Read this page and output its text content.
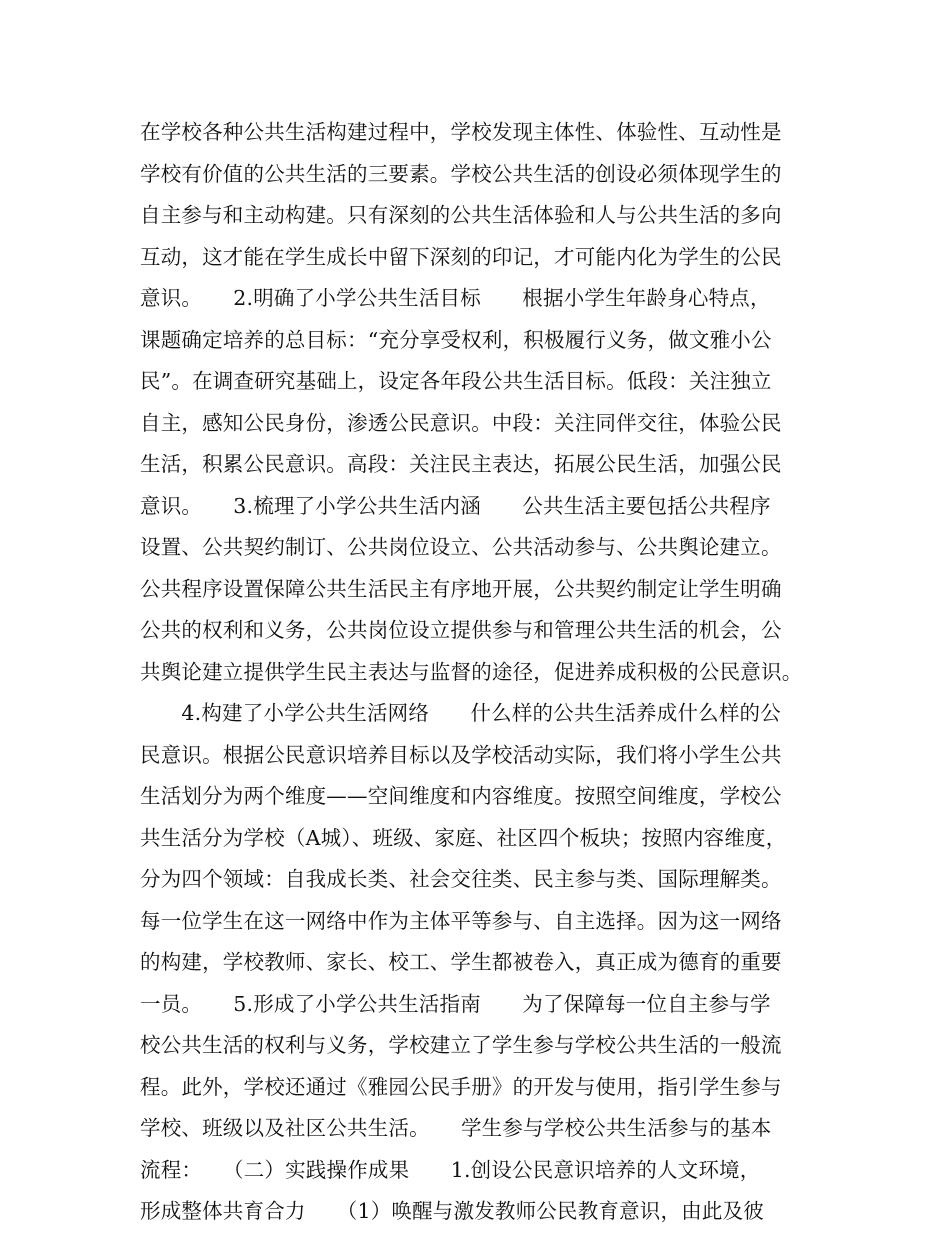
在学校各种公共生活构建过程中，学校发现主体性、体验性、互动性是
学校有价值的公共生活的三要素。学校公共生活的创设必须体现学生的
自主参与和主动构建。只有深刻的公共生活体验和人与公共生活的多向
互动，这才能在学生成长中留下深刻的印记，才可能内化为学生的公民
意识。　　2.明确了小学公共生活目标　　根据小学生年龄身心特点，
课题确定培养的总目标：“充分享受权利，积极履行义务，做文雅小公
民”。在调查研究基础上，设定各年段公共生活目标。低段：关注独立
自主，感知公民身份，渗透公民意识。中段：关注同伴交往，体验公民
生活，积累公民意识。高段：关注民主表达，拓展公民生活，加强公民
意识。　　3.梳理了小学公共生活内涵　　公共生活主要包括公共程序
设置、公共契约制订、公共岗位设立、公共活动参与、公共舆论建立。
公共程序设置保障公共生活民主有序地开展，公共契约制定让学生明确
公共的权利和义务，公共岗位设立提供参与和管理公共生活的机会，公
共舆论建立提供学生民主表达与监督的途径，促进养成积极的公民意识。
　　4.构建了小学公共生活网络　　什么样的公共生活养成什么样的公
民意识。根据公民意识培养目标以及学校活动实际，我们将小学生公共
生活划分为两个维度——空间维度和内容维度。按照空间维度，学校公
共生活分为学校（A城）、班级、家庭、社区四个板块；按照内容维度，
分为四个领域：自我成长类、社会交往类、民主参与类、国际理解类。
每一位学生在这一网络中作为主体平等参与、自主选择。因为这一网络
的构建，学校教师、家长、校工、学生都被卷入，真正成为德育的重要
一员。　　5.形成了小学公共生活指南　　为了保障每一位自主参与学
校公共生活的权利与义务，学校建立了学生参与学校公共生活的一般流
程。此外，学校还通过《雅园公民手册》的开发与使用，指引学生参与
学校、班级以及社区公共生活。　　学生参与学校公共生活参与的基本
流程：　　（二）实践操作成果　　1.创设公民意识培养的人文环境，
形成整体共育合力　　（1）唤醒与激发教师公民教育意识，由此及彼
